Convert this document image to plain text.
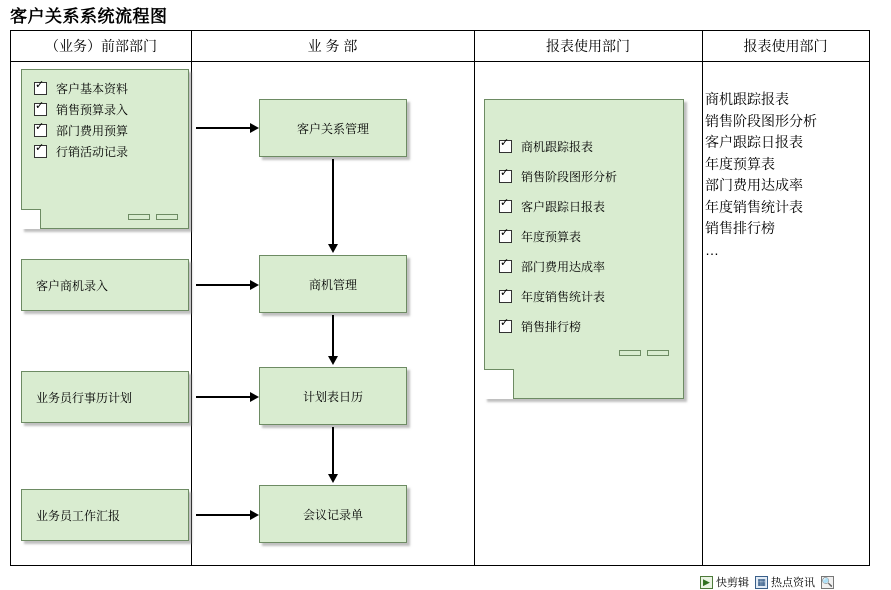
客户关系系统流程图
（业务）前部部门	业 务 部	报表使用部门	报表使用部门
✓
客户基本资料
✓
销售预算录入
✓
部门费用预算
✓
行销活动记录
客户商机录入
业务员行事历计划
业务员工作汇报
客户关系管理
商机管理
计划表日历
会议记录单
✓
商机跟踪报表
✓
销售阶段图形分析
✓
客户跟踪日报表
✓
年度预算表
✓
部门费用达成率
✓
年度销售统计表
✓
销售排行榜
商机跟踪报表
销售阶段图形分析
客户跟踪日报表
年度预算表
部门费用达成率
年度销售统计表
销售排行榜
…
▶ 快剪辑 ▦ 热点资讯 🔍
